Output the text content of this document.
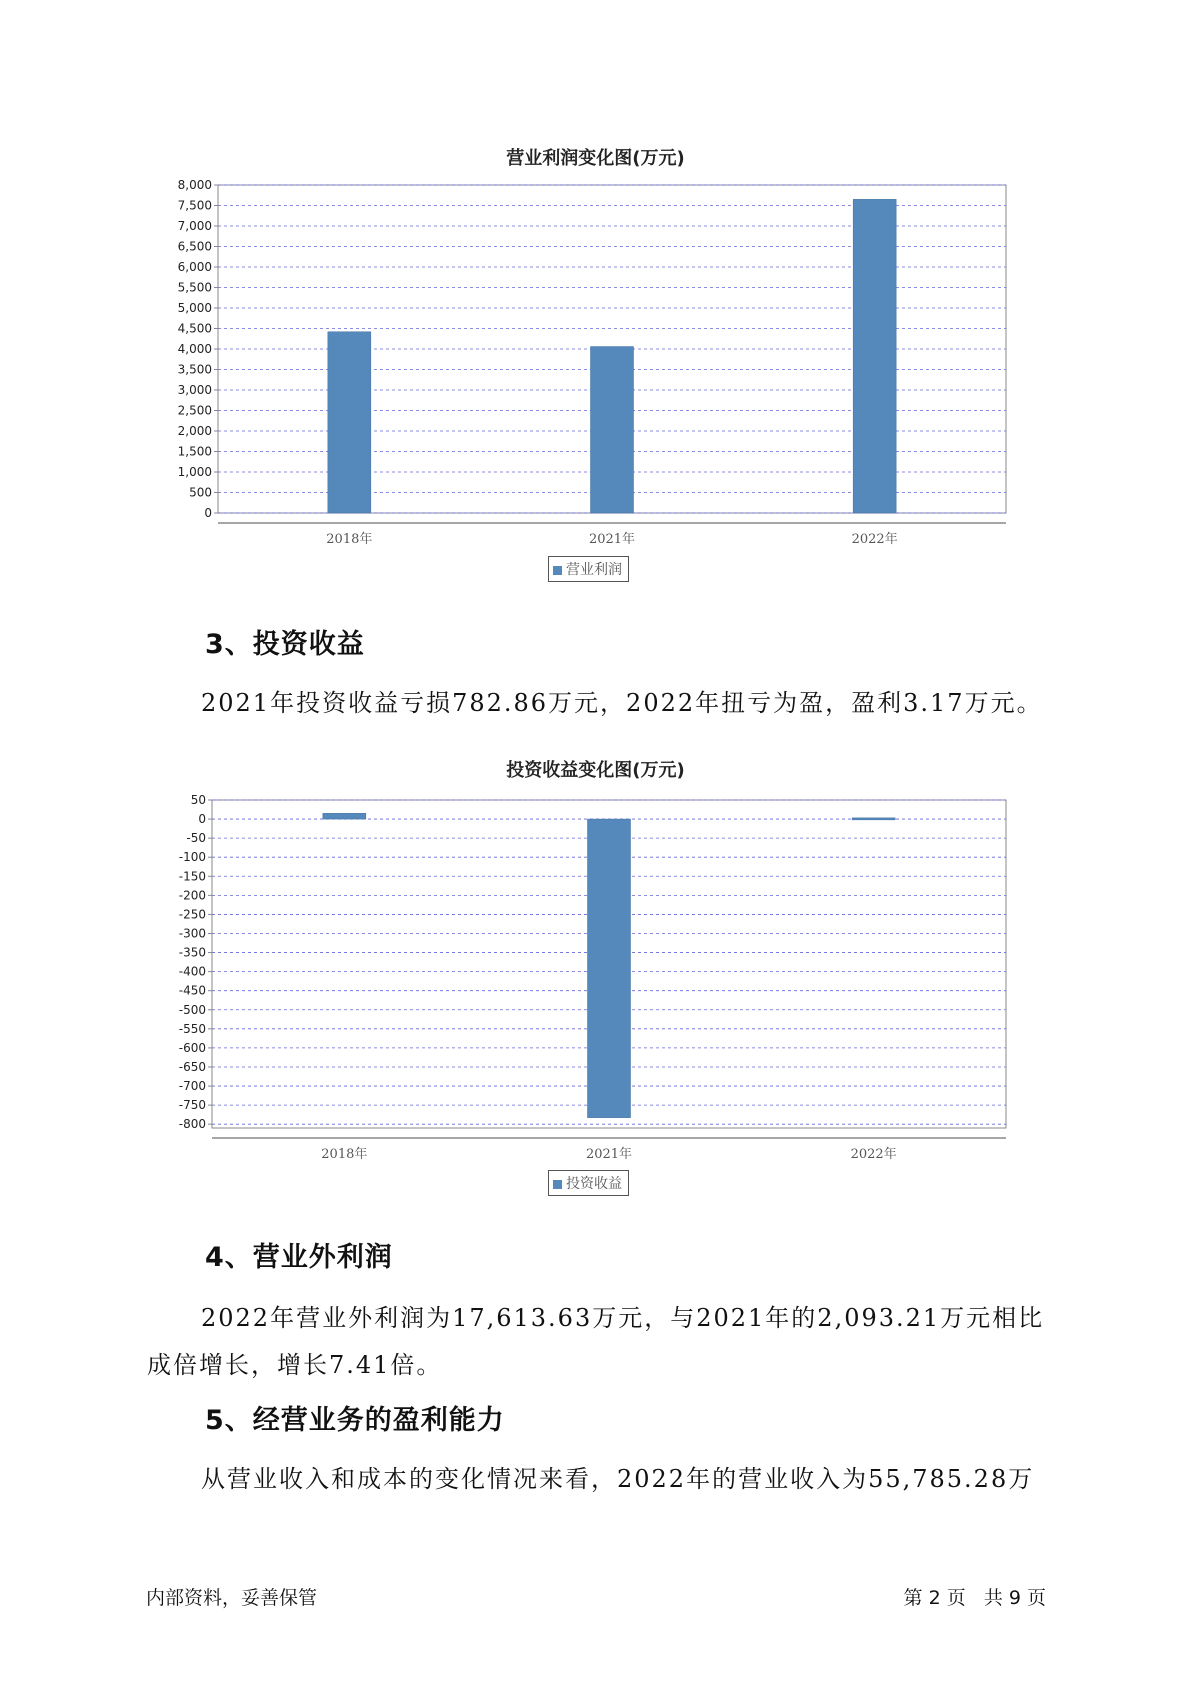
营业利润变化图(万元)
0
500
1,000
1,500
2,000
2,500
3,000
3,500
4,000
4,500
5,000
5,500
6,000
6,500
7,000
7,500
8,000
2018年	2021年	2022年
营业利润
3、投资收益

2021年投资收益亏损782.86万元，2022年扭亏为盈，盈利3.17万元。

投资收益变化图(万元)
50
0
-50
-100
-150
-200
-250
-300
-350
-400
-450
-500
-550
-600
-650
-700
-750
-800
2018年	2021年	2022年
投资收益
4、营业外利润

2022年营业外利润为17,613.63万元，与2021年的2,093.21万元相比成倍增长，增长7.41倍。

5、经营业务的盈利能力

从营业收入和成本的变化情况来看，2022年的营业收入为55,785.28万

内部资料，妥善保管	第 2 页   共 9 页
